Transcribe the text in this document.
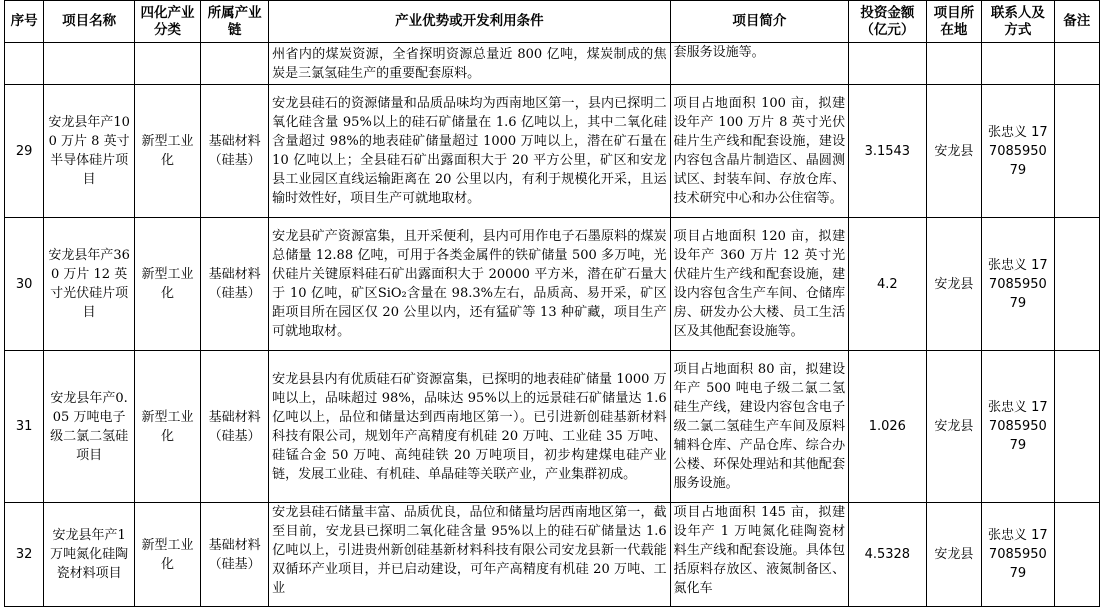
序号	项目名称	四化产业分类	所属产业链	产业优势或开发利用条件	项目简介	投资金额（亿元）	项目所在地	联系人及方式	备注
				州省内的煤炭资源，全省探明资源总量近 800 亿吨，煤炭制成的焦炭是三氯氢硅生产的重要配套原料。	套服务设施等。				
29	安龙县年产100 万片 8 英寸半导体硅片项目	新型工业化	基础材料（硅基）	安龙县硅石的资源储量和品质品味均为西南地区第一，县内已探明二氧化硅含量 95%以上的硅石矿储量在 1.6 亿吨以上，其中二氧化硅含量超过 98%的地表硅矿储量超过 1000 万吨以上，潜在矿石量在 10 亿吨以上；全县硅石矿出露面积大于 20 平方公里，矿区和安龙县工业园区直线运输距离在 20 公里以内，有利于规模化开采，且运输时效性好，项目生产可就地取材。	项目占地面积 100 亩，拟建设年产 100 万片 8 英寸光伏硅片生产线和配套设施，建设内容包含晶片制造区、晶圆测试区、封装车间、存放仓库、技术研究中心和办公住宿等。	3.1543	安龙县	张忠义 17708595079	
30	安龙县年产360 万片 12 英寸光伏硅片项目	新型工业化	基础材料（硅基）	安龙县矿产资源富集，且开采便利，县内可用作电子石墨原料的煤炭总储量 12.88 亿吨，可用于各类金属件的铁矿储量 500 多万吨，光伏硅片关键原料硅石矿出露面积大于 20000 平方米，潜在矿石量大于 10 亿吨，矿区SiO₂含量在 98.3%左右，品质高、易开采，矿区距项目所在园区仅 20 公里以内，还有猛矿等 13 种矿藏，项目生产可就地取材。	项目占地面积 120 亩，拟建设年产 360 万片 12 英寸光伏硅片生产线和配套设施，建设内容包含生产车间、仓储库房、研发办公大楼、员工生活区及其他配套设施等。	4.2	安龙县	张忠义 17708595079	
31	安龙县年产0.05 万吨电子级二氯二氢硅项目	新型工业化	基础材料（硅基）	安龙县县内有优质硅石矿资源富集，已探明的地表硅矿储量 1000 万吨以上，品味超过 98%，品味达 95%以上的远景硅石矿储量达 1.6 亿吨以上，品位和储量达到西南地区第一）。已引进新创硅基新材料科技有限公司，规划年产高精度有机硅 20 万吨、工业硅 35 万吨、硅锰合金 50 万吨、高纯硅铁 20 万吨项目，初步构建煤电硅产业链，发展工业硅、有机硅、单晶硅等关联产业，产业集群初成。	项目占地面积 80 亩，拟建设年产 500 吨电子级二氯二氢硅生产线，建设内容包含电子级二氯二氢硅生产车间及原料辅料仓库、产品仓库、综合办公楼、环保处理站和其他配套服务设施。	1.026	安龙县	张忠义 17708595079	
32	安龙县年产1 万吨氮化硅陶瓷材料项目	新型工业化	基础材料（硅基）	安龙县硅石储量丰富、品质优良，品位和储量均居西南地区第一，截至目前，安龙县已探明二氧化硅含量 95%以上的硅石矿储量达 1.6 亿吨以上，引进贵州新创硅基新材料科技有限公司安龙县新一代载能双循环产业项目，并已启动建设，可年产高精度有机硅 20 万吨、工业	项目占地面积 145 亩，拟建设年产 1 万吨氮化硅陶瓷材料生产线和配套设施。具体包括原料存放区、液氮制备区、氮化车	4.5328	安龙县	张忠义 17708595079	
